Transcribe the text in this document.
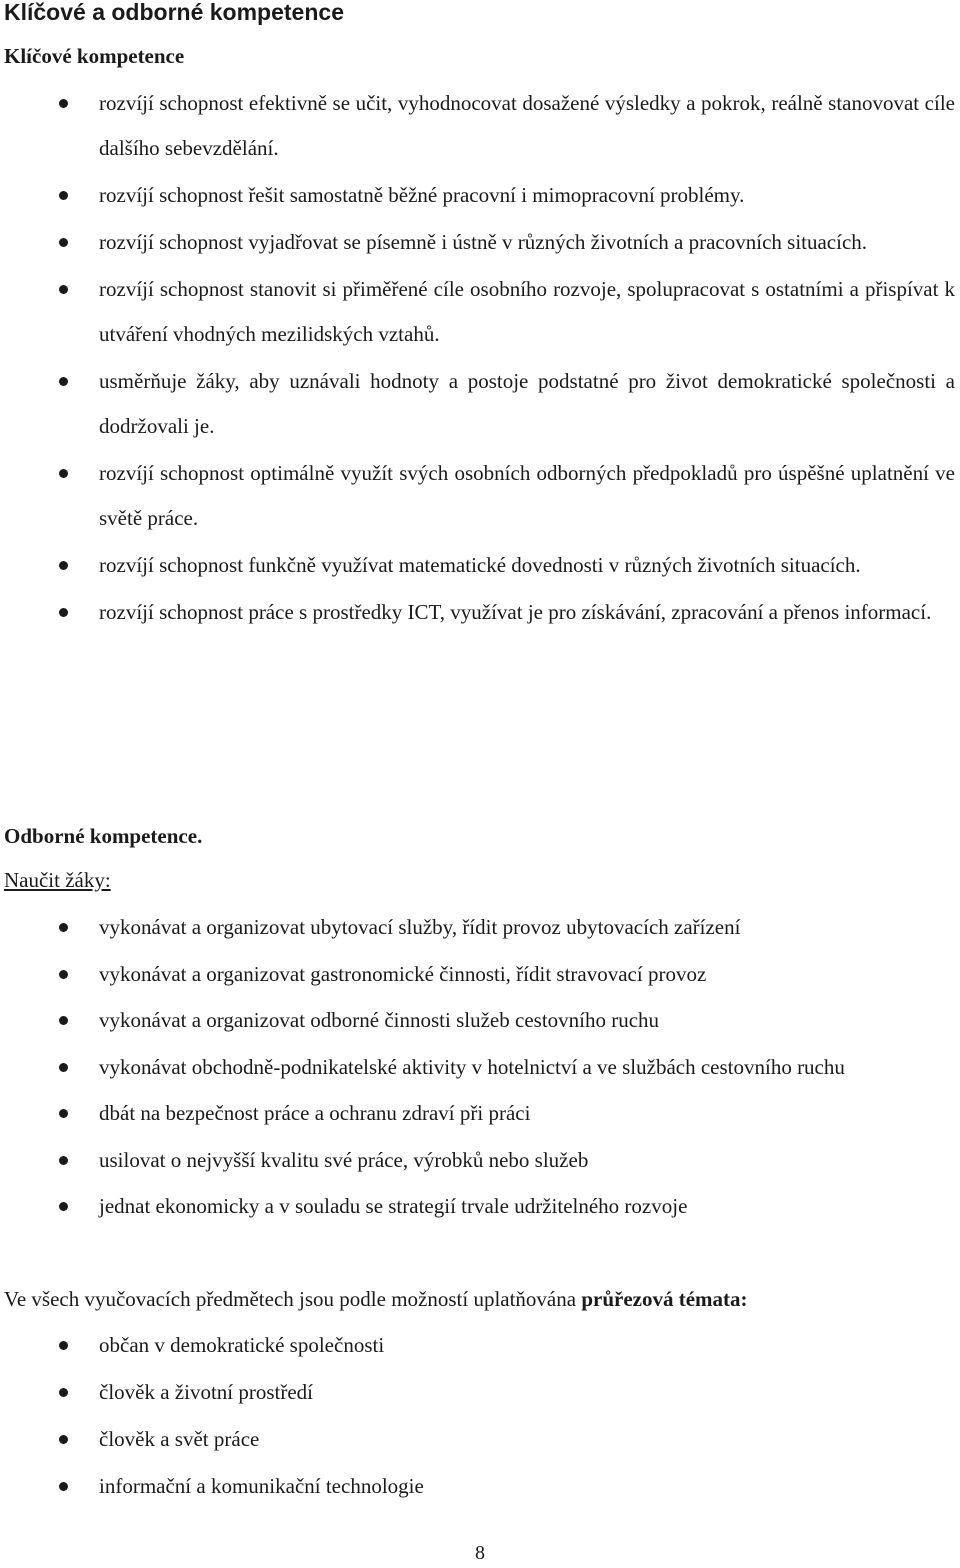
Klíčové a odborné kompetence
Klíčové kompetence
rozvíjí schopnost efektivně se učit, vyhodnocovat dosažené výsledky a pokrok, reálně stanovovat cíle dalšího sebevzdělání.
rozvíjí schopnost řešit samostatně běžné pracovní i mimopracovní problémy.
rozvíjí schopnost vyjadřovat se písemně i ústně v různých životních a pracovních situacích.
rozvíjí schopnost stanovit si přiměřené cíle osobního rozvoje, spolupracovat s ostatními a přispívat k utváření vhodných mezilidských vztahů.
usměrňuje žáky, aby uznávali hodnoty a postoje podstatné pro život demokratické společnosti a dodržovali je.
rozvíjí schopnost optimálně využít svých osobních odborných předpokladů pro úspěšné uplatnění ve světě práce.
rozvíjí schopnost funkčně využívat matematické dovednosti v různých životních situacích.
rozvíjí schopnost práce s prostředky ICT, využívat je pro získávání, zpracování a přenos informací.
Odborné kompetence.
Naučit žáky:
vykonávat a organizovat ubytovací služby, řídit provoz ubytovacích zařízení
vykonávat a organizovat gastronomické činnosti, řídit stravovací provoz
vykonávat a organizovat odborné činnosti služeb cestovního ruchu
vykonávat obchodně-podnikatelské aktivity v hotelnictví a ve službách cestovního ruchu
dbát na bezpečnost práce a ochranu zdraví při práci
usilovat o nejvyšší kvalitu své práce, výrobků nebo služeb
jednat ekonomicky a v souladu se strategií trvale udržitelného rozvoje
Ve všech vyučovacích předmětech jsou podle možností uplatňována průřezová témata:
občan v demokratické společnosti
člověk a životní prostředí
člověk a svět práce
informační a komunikační technologie
8
